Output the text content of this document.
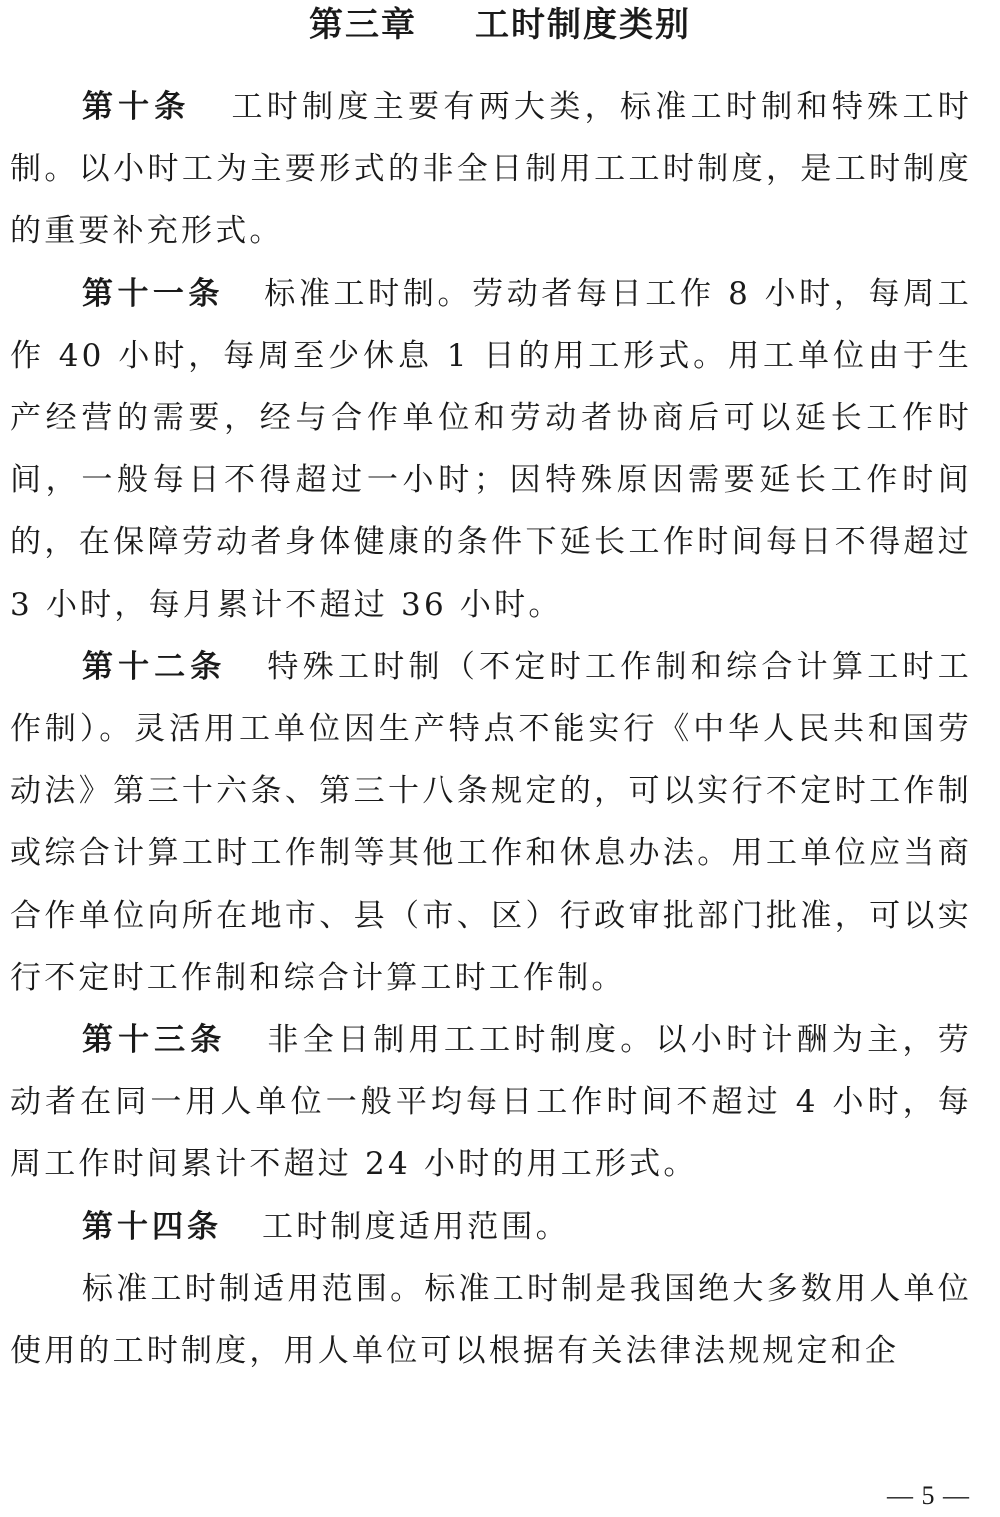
第三章 工时制度类别

第十条 工时制度主要有两大类，标准工时制和特殊工时制。以小时工为主要形式的非全日制用工工时制度，是工时制度的重要补充形式。

第十一条 标准工时制。劳动者每日工作 8 小时，每周工作 40 小时，每周至少休息 1 日的用工形式。用工单位由于生产经营的需要，经与合作单位和劳动者协商后可以延长工作时间，一般每日不得超过一小时；因特殊原因需要延长工作时间的，在保障劳动者身体健康的条件下延长工作时间每日不得超过 3 小时，每月累计不超过 36 小时。

第十二条 特殊工时制（不定时工作制和综合计算工时工作制）。灵活用工单位因生产特点不能实行《中华人民共和国劳动法》第三十六条、第三十八条规定的，可以实行不定时工作制或综合计算工时工作制等其他工作和休息办法。用工单位应当商合作单位向所在地市、县（市、区）行政审批部门批准，可以实行不定时工作制和综合计算工时工作制。

第十三条 非全日制用工工时制度。以小时计酬为主，劳动者在同一用人单位一般平均每日工作时间不超过 4 小时，每周工作时间累计不超过 24 小时的用工形式。

第十四条 工时制度适用范围。

标准工时制适用范围。标准工时制是我国绝大多数用人单位使用的工时制度，用人单位可以根据有关法律法规规定和企

— 5 —
